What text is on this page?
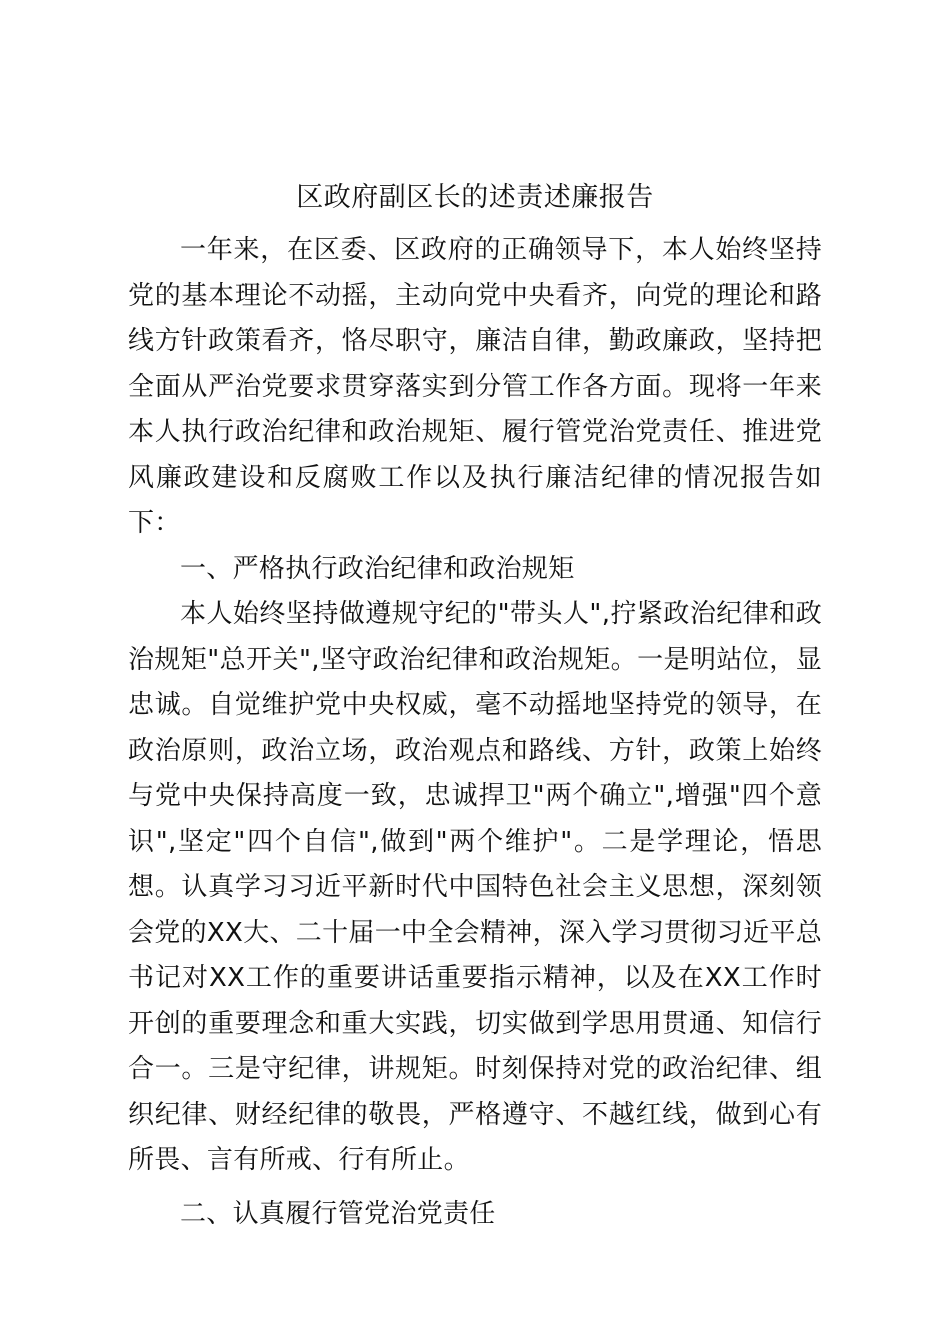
区政府副区长的述责述廉报告

一年来，在区委、区政府的正确领导下，本人始终坚持党的基本理论不动摇，主动向党中央看齐，向党的理论和路线方针政策看齐，恪尽职守，廉洁自律，勤政廉政，坚持把全面从严治党要求贯穿落实到分管工作各方面。现将一年来本人执行政治纪律和政治规矩、履行管党治党责任、推进党风廉政建设和反腐败工作以及执行廉洁纪律的情况报告如下：

一、严格执行政治纪律和政治规矩

本人始终坚持做遵规守纪的"带头人",拧紧政治纪律和政治规矩"总开关",坚守政治纪律和政治规矩。一是明站位，显忠诚。自觉维护党中央权威，毫不动摇地坚持党的领导，在政治原则，政治立场，政治观点和路线、方针，政策上始终与党中央保持高度一致，忠诚捍卫"两个确立",增强"四个意识",坚定"四个自信",做到"两个维护"。二是学理论，悟思想。认真学习习近平新时代中国特色社会主义思想，深刻领会党的XX大、二十届一中全会精神，深入学习贯彻习近平总书记对XX工作的重要讲话重要指示精神，以及在XX工作时开创的重要理念和重大实践，切实做到学思用贯通、知信行合一。三是守纪律，讲规矩。时刻保持对党的政治纪律、组织纪律、财经纪律的敬畏，严格遵守、不越红线，做到心有所畏、言有所戒、行有所止。

二、认真履行管党治党责任
